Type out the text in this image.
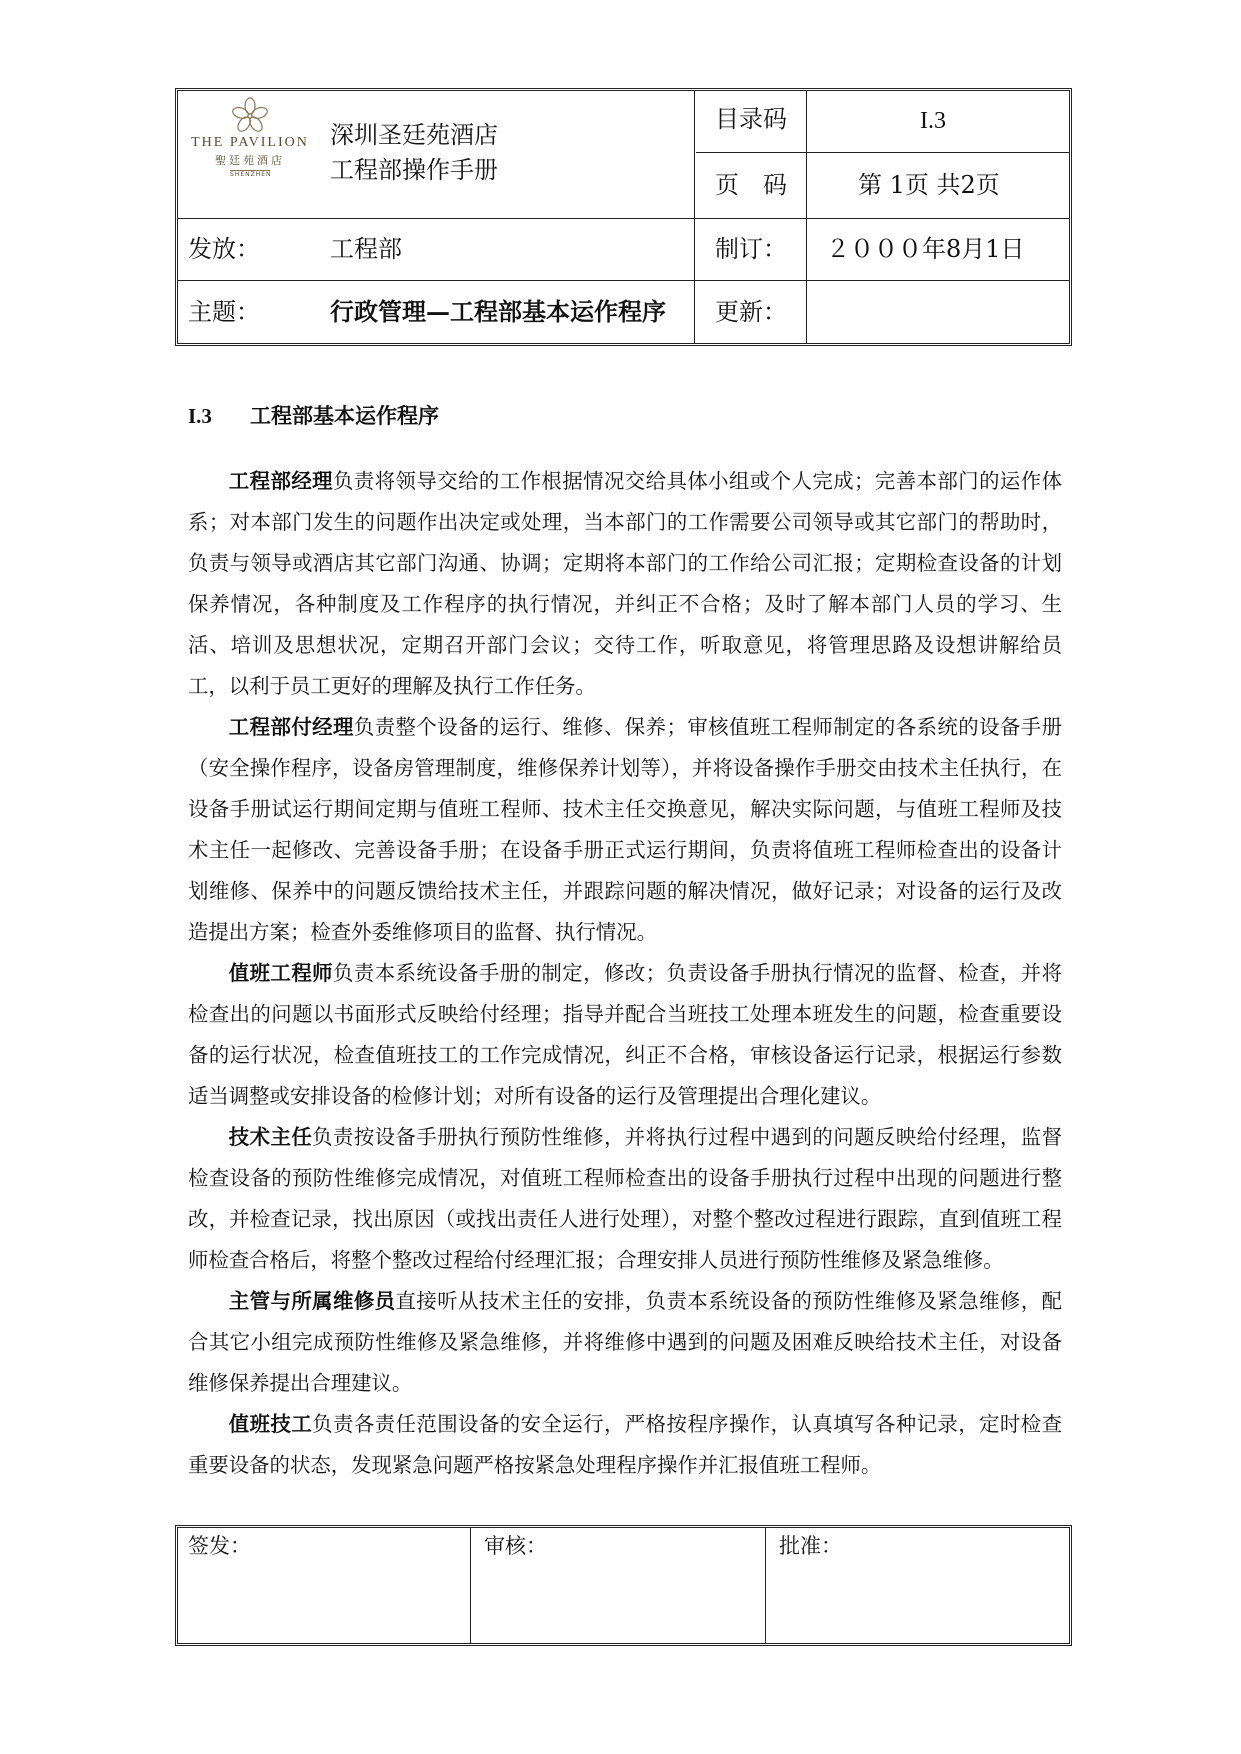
THE PAVILION
聖廷苑酒店
SHENZHEN
深圳圣廷苑酒店
工程部操作手册
目录码	I.3
页　码	第 1页 共2页
发放：	工程部	制订： ２０００年8月1日
主题：	行政管理—工程部基本运作程序 更新：
I.3 工程部基本运作程序

工程部经理负责将领导交给的工作根据情况交给具体小组或个人完成；完善本部门的运作体系；对本部门发生的问题作出决定或处理，当本部门的工作需要公司领导或其它部门的帮助时，负责与领导或酒店其它部门沟通、协调；定期将本部门的工作给公司汇报；定期检查设备的计划保养情况，各种制度及工作程序的执行情况，并纠正不合格；及时了解本部门人员的学习、生活、培训及思想状况，定期召开部门会议；交待工作，听取意见，将管理思路及设想讲解给员工，以利于员工更好的理解及执行工作任务。

工程部付经理负责整个设备的运行、维修、保养；审核值班工程师制定的各系统的设备手册（安全操作程序，设备房管理制度，维修保养计划等），并将设备操作手册交由技术主任执行，在设备手册试运行期间定期与值班工程师、技术主任交换意见，解决实际问题，与值班工程师及技术主任一起修改、完善设备手册；在设备手册正式运行期间，负责将值班工程师检查出的设备计划维修、保养中的问题反馈给技术主任，并跟踪问题的解决情况，做好记录；对设备的运行及改造提出方案；检查外委维修项目的监督、执行情况。

值班工程师负责本系统设备手册的制定，修改；负责设备手册执行情况的监督、检查，并将检查出的问题以书面形式反映给付经理；指导并配合当班技工处理本班发生的问题，检查重要设备的运行状况，检查值班技工的工作完成情况，纠正不合格，审核设备运行记录，根据运行参数适当调整或安排设备的检修计划；对所有设备的运行及管理提出合理化建议。

技术主任负责按设备手册执行预防性维修，并将执行过程中遇到的问题反映给付经理，监督检查设备的预防性维修完成情况，对值班工程师检查出的设备手册执行过程中出现的问题进行整改，并检查记录，找出原因（或找出责任人进行处理），对整个整改过程进行跟踪，直到值班工程师检查合格后，将整个整改过程给付经理汇报；合理安排人员进行预防性维修及紧急维修。

主管与所属维修员直接听从技术主任的安排，负责本系统设备的预防性维修及紧急维修，配合其它小组完成预防性维修及紧急维修，并将维修中遇到的问题及困难反映给技术主任，对设备维修保养提出合理建议。

值班技工负责各责任范围设备的安全运行，严格按程序操作，认真填写各种记录，定时检查重要设备的状态，发现紧急问题严格按紧急处理程序操作并汇报值班工程师。

签发：	审核：	批准：
